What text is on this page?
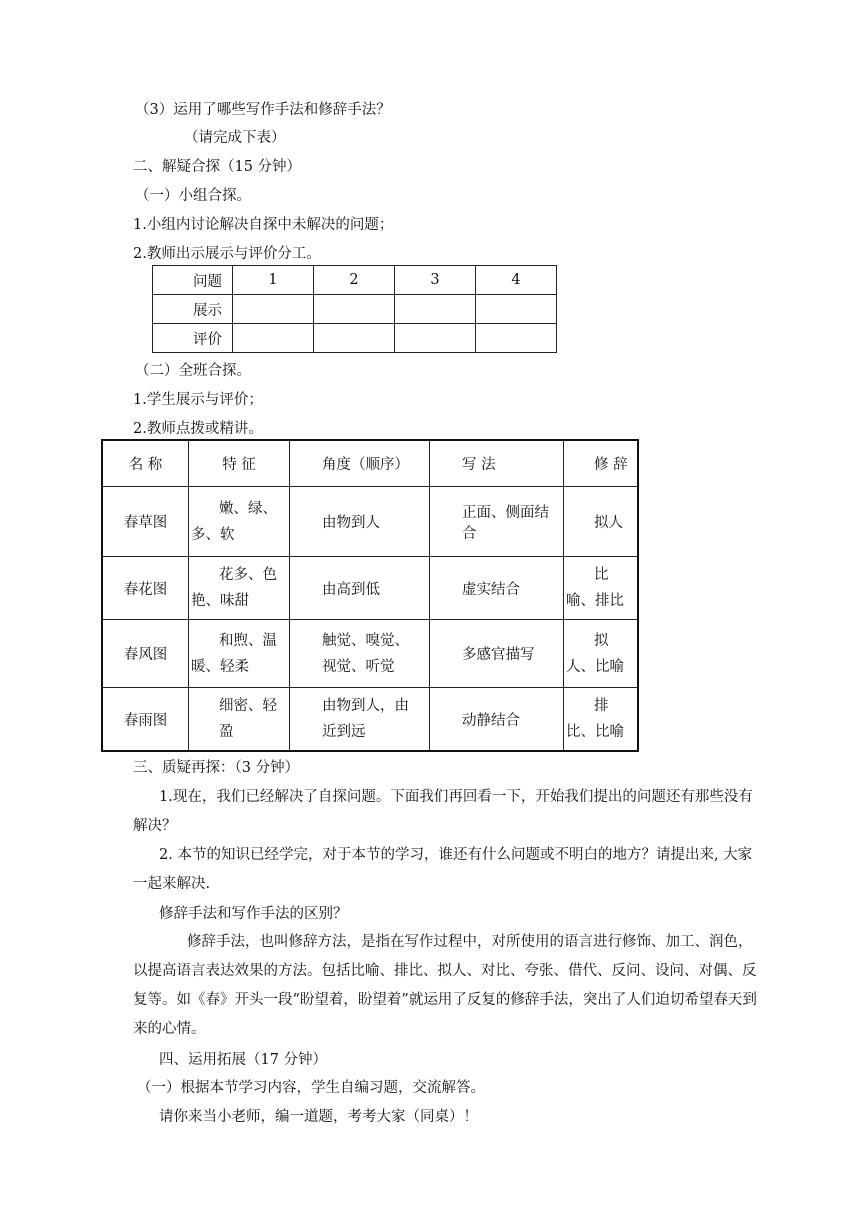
（3）运用了哪些写作手法和修辞手法？
（请完成下表）
二、解疑合探（15 分钟）
（一）小组合探。
1.小组内讨论解决自探中未解决的问题；
2.教师出示展示与评价分工。
问题	1	2	3	4
展示				
评价				
（二）全班合探。
1.学生展示与评价；
2.教师点拨或精讲。
名 称	特 征	角度（顺序）	写 法	修 辞
春草图	嫩、绿、多、软	由物到人	正面、侧面结合	拟人
春花图	花多、色艳、味甜	由高到低	虚实结合	比喻、排比
春风图	和煦、温暖、轻柔	触觉、嗅觉、视觉、听觉	多感官描写	拟人、比喻
春雨图	细密、轻盈	由物到人，由近到远	动静结合	排比、比喻
三、质疑再探：（3 分钟）
1.现在，我们已经解决了自探问题。下面我们再回看一下，开始我们提出的问题还有那些没有解决？
2. 本节的知识已经学完，对于本节的学习，谁还有什么问题或不明白的地方？请提出来, 大家一起来解决.
修辞手法和写作手法的区别？
修辞手法，也叫修辞方法，是指在写作过程中，对所使用的语言进行修饰、加工、润色，以提高语言表达效果的方法。包括比喻、排比、拟人、对比、夸张、借代、反问、设问、对偶、反复等。如《春》开头一段“盼望着，盼望着”就运用了反复的修辞手法，突出了人们迫切希望春天到来的心情。
四、运用拓展（17 分钟）
（一）根据本节学习内容，学生自编习题，交流解答。
请你来当小老师，编一道题，考考大家（同桌）！
